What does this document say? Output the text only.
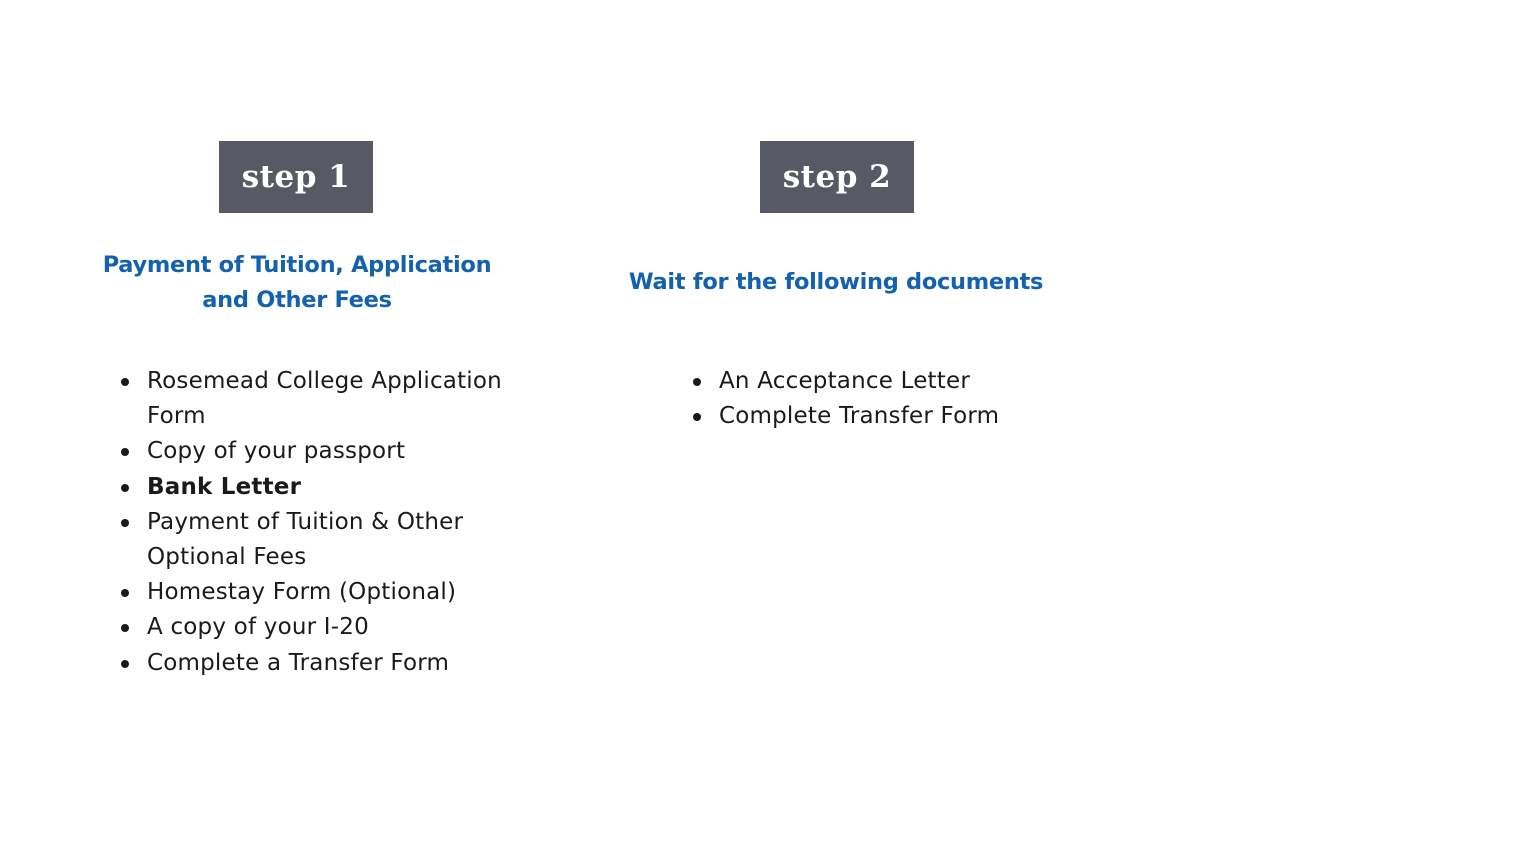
step 1	step 2
Payment of Tuition, Application and Other Fees
Wait for the following documents
Rosemead College Application Form
Copy of your passport
Bank Letter
Payment of Tuition & Other Optional Fees
Homestay Form (Optional)
A copy of your I-20
Complete a Transfer Form
An Acceptance Letter
Complete Transfer Form
